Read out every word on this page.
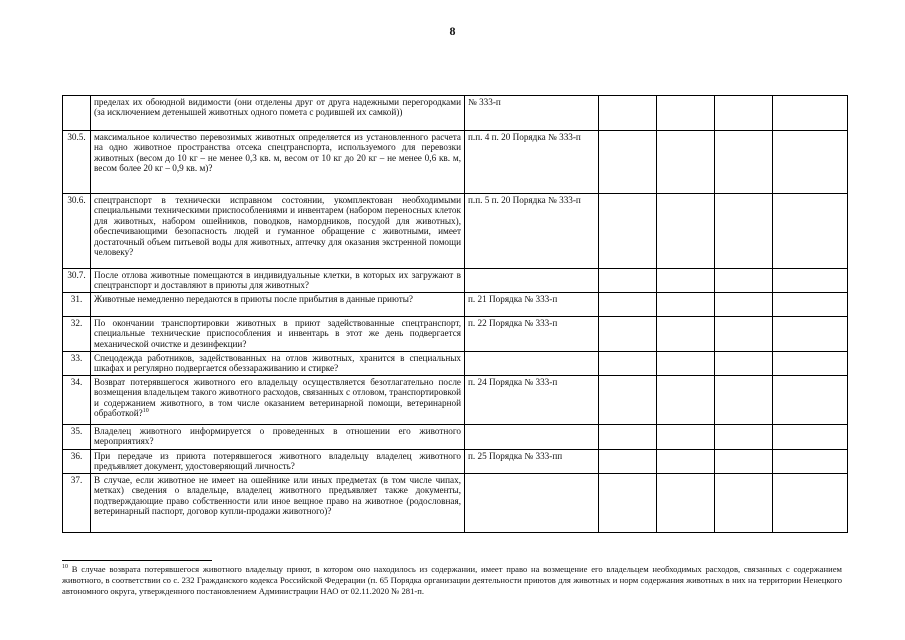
8
	пределах их обоюдной видимости (они отделены друг от друга надежными перегородками (за исключением детенышей животных одного помета с родившей их самкой))	№ 333-п				
30.5.	максимальное количество перевозимых животных определяется из установленного расчета на одно животное пространства отсека спецтранспорта, используемого для перевозки животных (весом до 10 кг – не менее 0,3 кв. м, весом от 10 кг до 20 кг – не менее 0,6 кв. м, весом более 20 кг – 0,9 кв. м)?	п.п. 4 п. 20 Порядка № 333-п				
30.6.	спецтранспорт в технически исправном состоянии, укомплектован необходимыми специальными техническими приспособлениями и инвентарем (набором переносных клеток для животных, набором ошейников, поводков, намордников, посудой для животных), обеспечивающими безопасность людей и гуманное обращение с животными, имеет достаточный объем питьевой воды для животных, аптечку для оказания экстренной помощи человеку?	п.п. 5 п. 20 Порядка № 333-п				
30.7.	После отлова животные помещаются в индивидуальные клетки, в которых их загружают в спецтранспорт и доставляют в приюты для животных?					
31.	Животные немедленно передаются в приюты после прибытия в данные приюты?	п. 21 Порядка № 333-п				
32.	По окончании транспортировки животных в приют задействованные спецтранспорт, специальные технические приспособления и инвентарь в этот же день подвергается механической очистке и дезинфекции?	п. 22 Порядка № 333-п				
33.	Спецодежда работников, задействованных на отлов животных, хранится в специальных шкафах и регулярно подвергается обеззараживанию и стирке?					
34.	Возврат потерявшегося животного его владельцу осуществляется безотлагательно после возмещения владельцем такого животного расходов, связанных с отловом, транспортировкой и содержанием животного, в том числе оказанием ветеринарной помощи, ветеринарной обработкой?$^{10}$	п. 24 Порядка № 333-п				
35.	Владелец животного информируется о проведенных в отношении его животного мероприятиях?					
36.	При передаче из приюта потерявшегося животного владельцу владелец животного предъявляет документ, удостоверяющий личность?	п. 25 Порядка № 333-пп				
37.	В случае, если животное не имеет на ошейнике или иных предметах (в том числе чипах, метках) сведения о владельце, владелец животного предъявляет также документы, подтверждающие право собственности или иное вещное право на животное (родословная, ветеринарный паспорт, договор купли-продажи животного)?					
$^{10}$ В случае возврата потерявшегося животного владельцу приют, в котором оно находилось из содержании, имеет право на возмещение его владельцем необходимых расходов, связанных с содержанием животного, в соответствии со с. 232 Гражданского кодекса Российской Федерации (п. 65 Порядка организации деятельности приютов для животных и норм содержания животных в них на территории Ненецкого автономного округа, утвержденного постановлением Администрации НАО от 02.11.2020 № 281-п.
